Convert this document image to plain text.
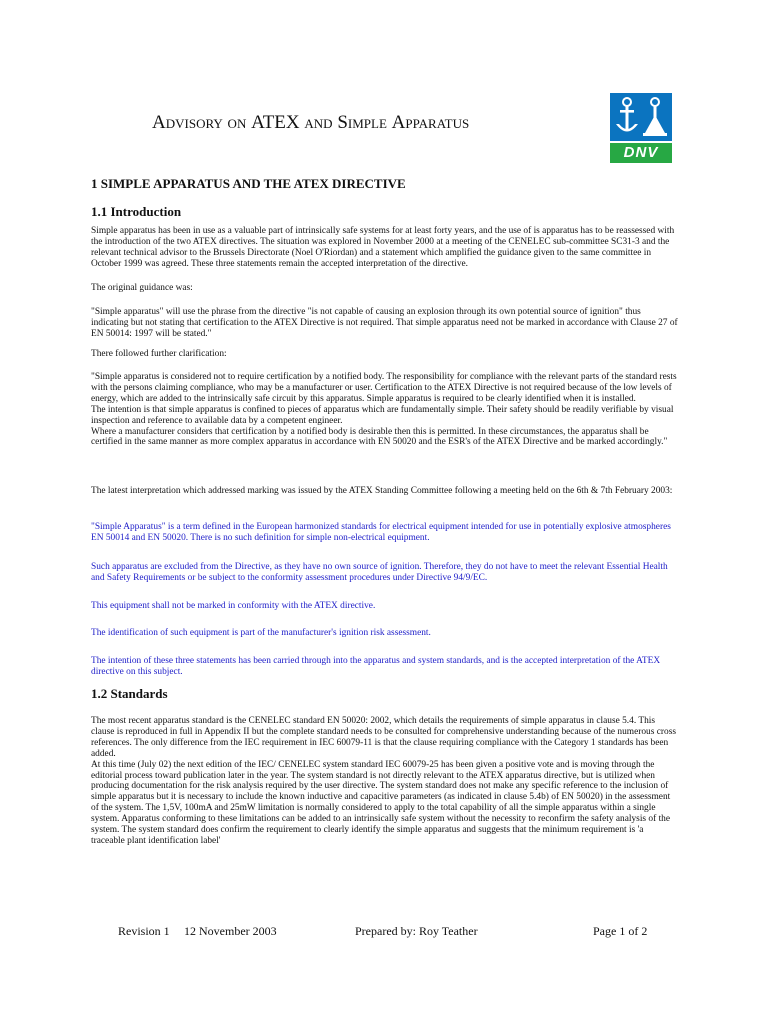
Advisory on ATEX and Simple Apparatus
DNV
1 SIMPLE APPARATUS AND THE ATEX DIRECTIVE
1.1 Introduction

Simple apparatus has been in use as a valuable part of intrinsically safe systems for at least forty years, and the use of is apparatus has to be reassessed with the introduction of the two ATEX directives. The situation was explored in November 2000 at a meeting of the CENELEC sub-committee SC31-3 and the relevant technical advisor to the Brussels Directorate (Noel O'Riordan) and a statement which amplified the guidance given to the same committee in October 1999 was agreed. These three statements remain the accepted interpretation of the directive.

The original guidance was:

"Simple apparatus" will use the phrase from the directive "is not capable of causing an explosion through its own potential source of ignition" thus indicating but not stating that certification to the ATEX Directive is not required. That simple apparatus need not be marked in accordance with Clause 27 of EN 50014: 1997 will be stated."

There followed further clarification:

"Simple apparatus is considered not to require certification by a notified body. The responsibility for compliance with the relevant parts of the standard rests with the persons claiming compliance, who may be a manufacturer or user. Certification to the ATEX Directive is not required because of the low levels of energy, which are added to the intrinsically safe circuit by this apparatus. Simple apparatus is required to be clearly identified when it is installed.
The intention is that simple apparatus is confined to pieces of apparatus which are fundamentally simple. Their safety should be readily verifiable by visual inspection and reference to available data by a competent engineer.
Where a manufacturer considers that certification by a notified body is desirable then this is permitted. In these circumstances, the apparatus shall be certified in the same manner as more complex apparatus in accordance with EN 50020 and the ESR's of the ATEX Directive and be marked accordingly."

The latest interpretation which addressed marking was issued by the ATEX Standing Committee following a meeting held on the 6th & 7th February 2003:

"Simple Apparatus" is a term defined in the European harmonized standards for electrical equipment intended for use in potentially explosive atmospheres EN 50014 and EN 50020. There is no such definition for simple non-electrical equipment.

Such apparatus are excluded from the Directive, as they have no own source of ignition. Therefore, they do not have to meet the relevant Essential Health and Safety Requirements or be subject to the conformity assessment procedures under Directive 94/9/EC.

This equipment shall not be marked in conformity with the ATEX directive.

The identification of such equipment is part of the manufacturer's ignition risk assessment.

The intention of these three statements has been carried through into the apparatus and system standards, and is the accepted interpretation of the ATEX directive on this subject.

1.2 Standards

The most recent apparatus standard is the CENELEC standard EN 50020: 2002, which details the requirements of simple apparatus in clause 5.4. This clause is reproduced in full in Appendix II but the complete standard needs to be consulted for comprehensive understanding because of the numerous cross references. The only difference from the IEC requirement in IEC 60079-11 is that the clause requiring compliance with the Category 1 standards has been added.
At this time (July 02) the next edition of the IEC/ CENELEC system standard IEC 60079-25 has been given a positive vote and is moving through the editorial process toward publication later in the year. The system standard is not directly relevant to the ATEX apparatus directive, but is utilized when producing documentation for the risk analysis required by the user directive. The system standard does not make any specific reference to the inclusion of simple apparatus but it is necessary to include the known inductive and capacitive parameters (as indicated in clause 5.4b) of EN 50020) in the assessment of the system. The 1,5V, 100mA and 25mW limitation is normally considered to apply to the total capability of all the simple apparatus within a single system. Apparatus conforming to these limitations can be added to an intrinsically safe system without the necessity to reconfirm the safety analysis of the system. The system standard does confirm the requirement to clearly identify the simple apparatus and suggests that the minimum requirement is 'a traceable plant identification label'

Revision 1 12 November 2003	Prepared by: Roy Teather	Page 1 of 2
